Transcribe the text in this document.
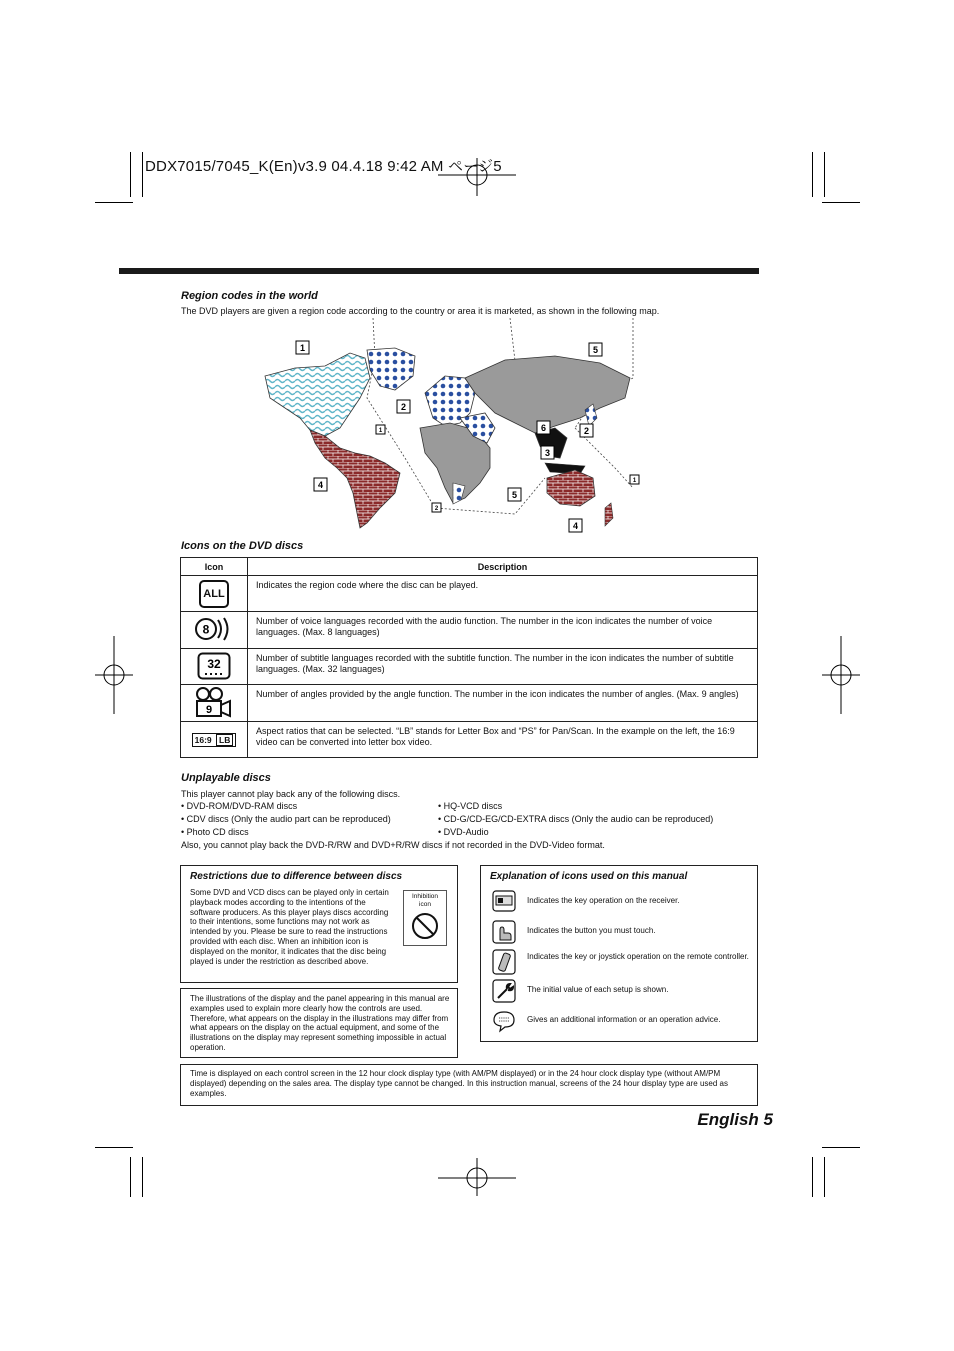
DDX7015/7045_K(En)v3.9 04.4.18 9:42 AM ページ5
Region codes in the world
The DVD players are given a region code according to the country or area it is marketed, as shown in the following map.
1	5
2
1	6	2
3
1
4
5
2
4
Icons on the DVD discs
Icon	Description
ALL	Indicates the region code where the disc can be played.

8	Number of voice languages recorded with the audio function. The number in the icon indicates the number of voice languages. (Max. 8 languages)

32	Number of subtitle languages recorded with the subtitle function. The number in the icon indicates the number of subtitle languages. (Max. 32 languages)

9	Number of angles provided by the angle function. The number in the icon indicates the number of angles. (Max. 9 angles)
16:9 LB	Aspect ratios that can be selected. “LB” stands for Letter Box and “PS” for Pan/Scan. In the example on the left, the 16:9 video can be converted into letter box video.
Unplayable discs
This player cannot play back any of the following discs.
• DVD-ROM/DVD-RAM discs
• CDV discs (Only the audio part can be reproduced)
• Photo CD discs
• HQ-VCD discs
• CD-G/CD-EG/CD-EXTRA discs (Only the audio can be reproduced)
• DVD-Audio
Also, you cannot play back the DVD-R/RW and DVD+R/RW discs if not recorded in the DVD-Video format.
Restrictions due to difference between discs
Some DVD and VCD discs can be played only in certain playback modes according to the intentions of the software producers. As this player plays discs according to their intentions, some functions may not work as intended by you. Please be sure to read the instructions provided with each disc. When an inhibition icon is displayed on the monitor, it indicates that the disc being played is under the restriction as described above.
Inhibition icon
The illustrations of the display and the panel appearing in this manual are examples used to explain more clearly how the controls are used. Therefore, what appears on the display in the illustrations may differ from what appears on the display on the actual equipment, and some of the illustrations on the display may represent something impossible in actual operation.
Explanation of icons used on this manual
Indicates the key operation on the receiver.
Indicates the button you must touch.
Indicates the key or joystick operation on the remote controller.
The initial value of each setup is shown.
Gives an additional information or an operation advice.
Time is displayed on each control screen in the 12 hour clock display type (with AM/PM displayed) or in the 24 hour clock display type (without AM/PM displayed) depending on the sales area. The display type cannot be changed. In this instruction manual, screens of the 24 hour display type are used as examples.
English 5
